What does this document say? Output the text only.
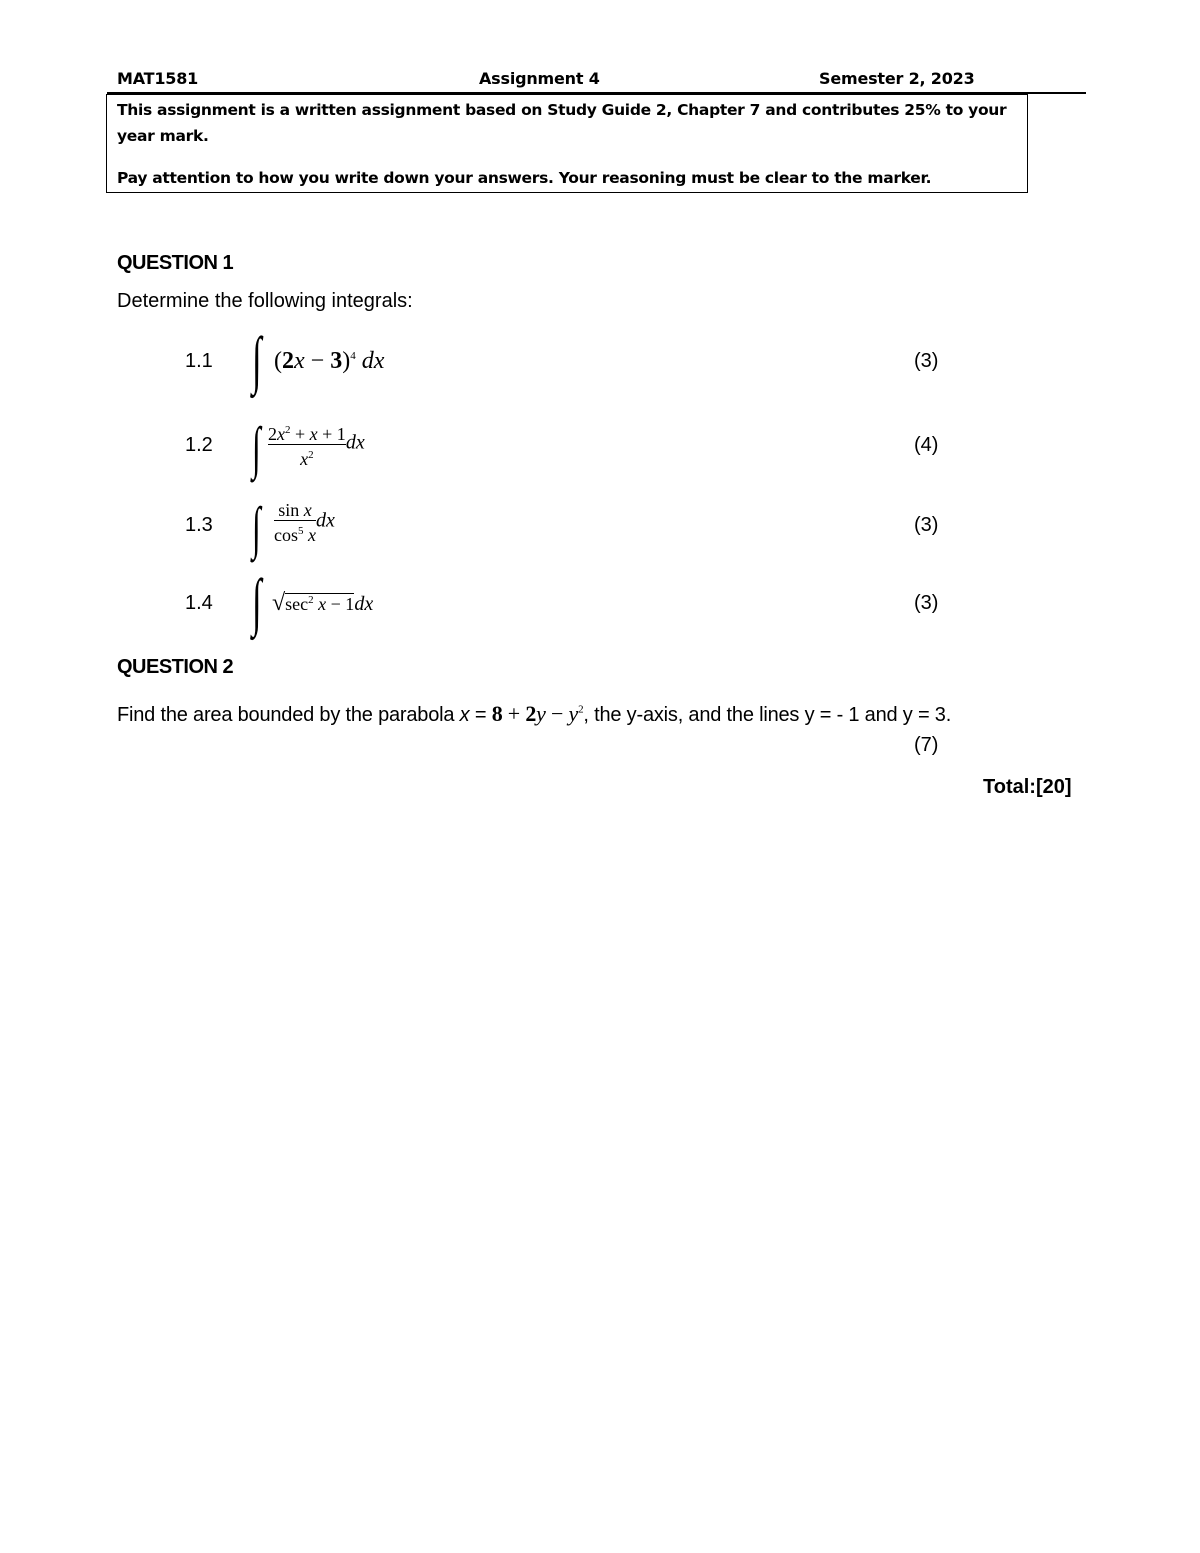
MAT1581	Assignment 4	Semester 2, 2023

This assignment is a written assignment based on Study Guide 2, Chapter 7 and contributes 25% to your year mark.

Pay attention to how you write down your answers. Your reasoning must be clear to the marker.

QUESTION 1
Determine the following integrals:
1.1 ∫ $(2x - 3)^4$ dx	(3)
1.2 ∫ $\frac{2x^2 + x + 1}{x^2}$ dx	(4)
1.3 ∫ $\frac{\text{sin x}}{\cos^5 x}$ dx	(3)
1.4 ∫ $√\sec^2$ x − 1dx	(3)
QUESTION 2
Find the area bounded by the parabola $x = 8 + 2y - y^2$, the y-axis, and the lines y = - 1 and y = 3.
(7)
Total:[20]
